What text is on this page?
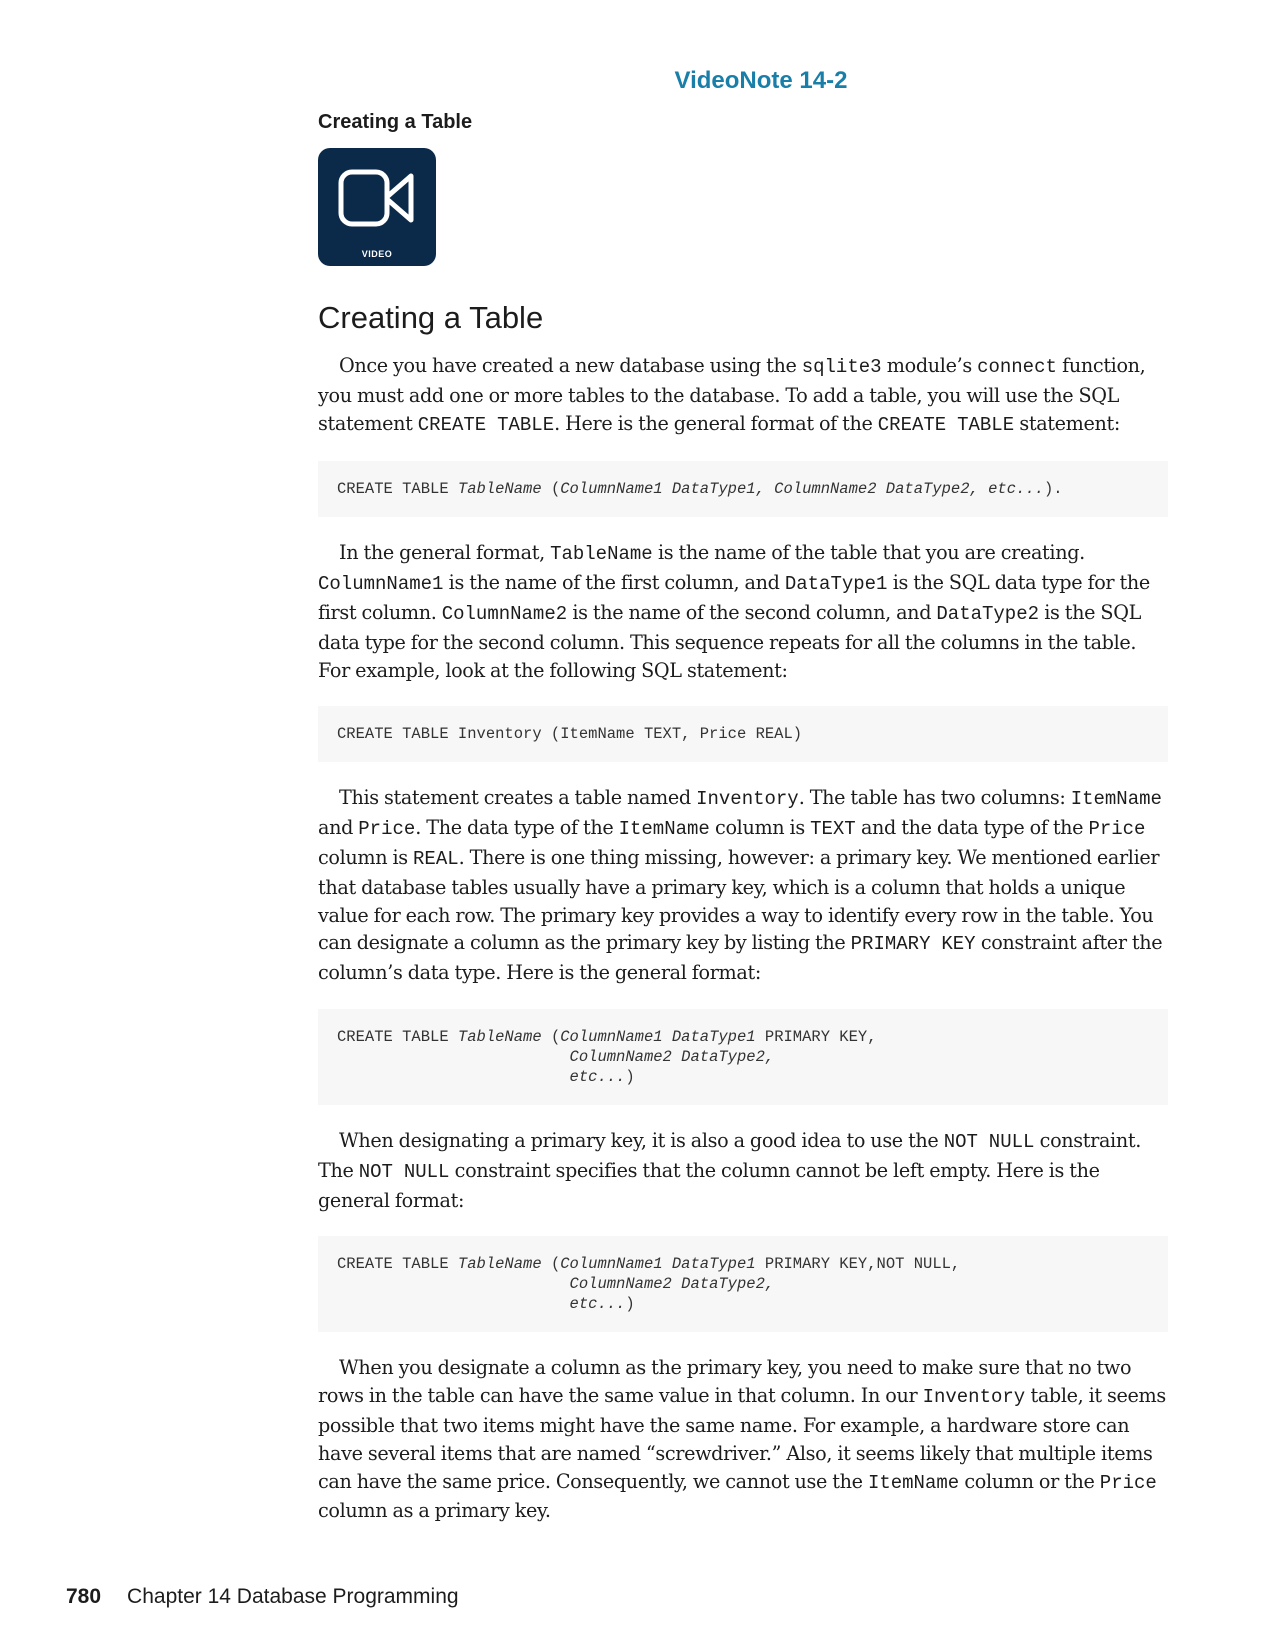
VideoNote 14-2
Creating a Table
VIDEO
Creating a Table

Once you have created a new database using the sqlite3 module’s connect function, you must add one or more tables to the database. To add a table, you will use the SQL statement CREATE TABLE. Here is the general format of the CREATE TABLE statement:

CREATE TABLE TableName (ColumnName1 DataType1, ColumnName2 DataType2, etc...).

In the general format, TableName is the name of the table that you are creating. ColumnName1 is the name of the first column, and DataType1 is the SQL data type for the first column. ColumnName2 is the name of the second column, and DataType2 is the SQL data type for the second column. This sequence repeats for all the columns in the table. For example, look at the following SQL statement:

CREATE TABLE Inventory (ItemName TEXT, Price REAL)

This statement creates a table named Inventory. The table has two columns: ItemName and Price. The data type of the ItemName column is TEXT and the data type of the Price column is REAL. There is one thing missing, however: a primary key. We mentioned earlier that database tables usually have a primary key, which is a column that holds a unique value for each row. The primary key provides a way to identify every row in the table. You can designate a column as the primary key by listing the PRIMARY KEY constraint after the column’s data type. Here is the general format:

CREATE TABLE TableName (ColumnName1 DataType1 PRIMARY KEY,
ColumnName2 DataType2,
etc...)

When designating a primary key, it is also a good idea to use the NOT NULL constraint. The NOT NULL constraint specifies that the column cannot be left empty. Here is the general format:

CREATE TABLE TableName (ColumnName1 DataType1 PRIMARY KEY,NOT NULL,
ColumnName2 DataType2,
etc...)

When you designate a column as the primary key, you need to make sure that no two rows in the table can have the same value in that column. In our Inventory table, it seems possible that two items might have the same name. For example, a hardware store can have several items that are named “screwdriver.” Also, it seems likely that multiple items can have the same price. Consequently, we cannot use the ItemName column or the Price column as a primary key.

780 Chapter 14 Database Programming
